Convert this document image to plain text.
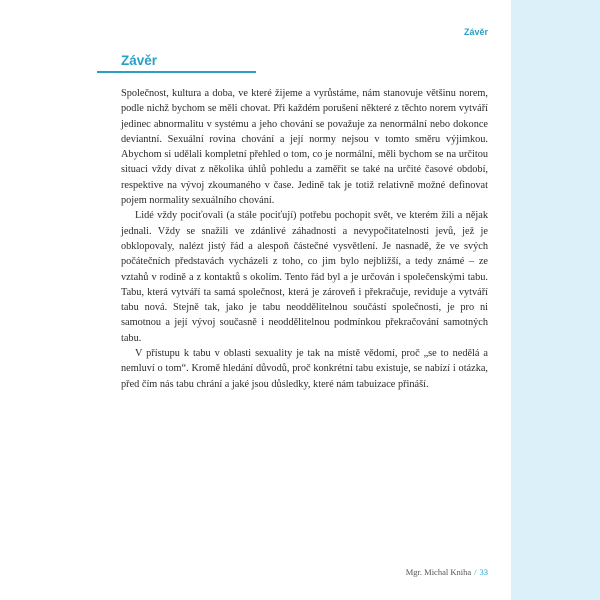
Závěr
Závěr

Společnost, kultura a doba, ve které žijeme a vyrůstáme, nám stanovuje většinu norem, podle nichž bychom se měli chovat. Při každém porušení některé z těchto norem vytváří jedinec abnormalitu v systému a jeho chování se považuje za nenormální nebo dokonce deviantní. Sexuální rovina chování a její normy nejsou v tomto směru výjimkou. Abychom si udělali kompletní přehled o tom, co je normální, měli bychom se na určitou situaci vždy dívat z několika úhlů pohledu a zaměřit se také na určité časové období, respektive na vývoj zkoumaného v čase. Jedině tak je totiž relativně možné definovat pojem normality sexuálního chování.

Lidé vždy pociťovali (a stále pociťují) potřebu pochopit svět, ve kterém žili a nějak jednali. Vždy se snažili ve zdánlivé záhadnosti a nevypočitatelnosti jevů, jež je obklopovaly, nalézt jistý řád a alespoň částečné vysvětlení. Je nasnadě, že ve svých počátečních představách vycházeli z toho, co jim bylo nejbližší, a tedy známé – ze vztahů v rodině a z kontaktů s okolím. Tento řád byl a je určován i společenskými tabu. Tabu, která vytváří ta samá společnost, která je zároveň i překračuje, reviduje a vytváří tabu nová. Stejně tak, jako je tabu neoddělitelnou součástí společnosti, je pro ni samotnou a její vývoj současně i neoddělitelnou podmínkou překračování samotných tabu.

V přístupu k tabu v oblasti sexuality je tak na místě vědomí, proč „se to nedělá a nemluví o tom“. Kromě hledání důvodů, proč konkrétní tabu existuje, se nabízí i otázka, před čím nás tabu chrání a jaké jsou důsledky, které nám tabuizace přináší.

Mgr. Michal Kniha / 33
